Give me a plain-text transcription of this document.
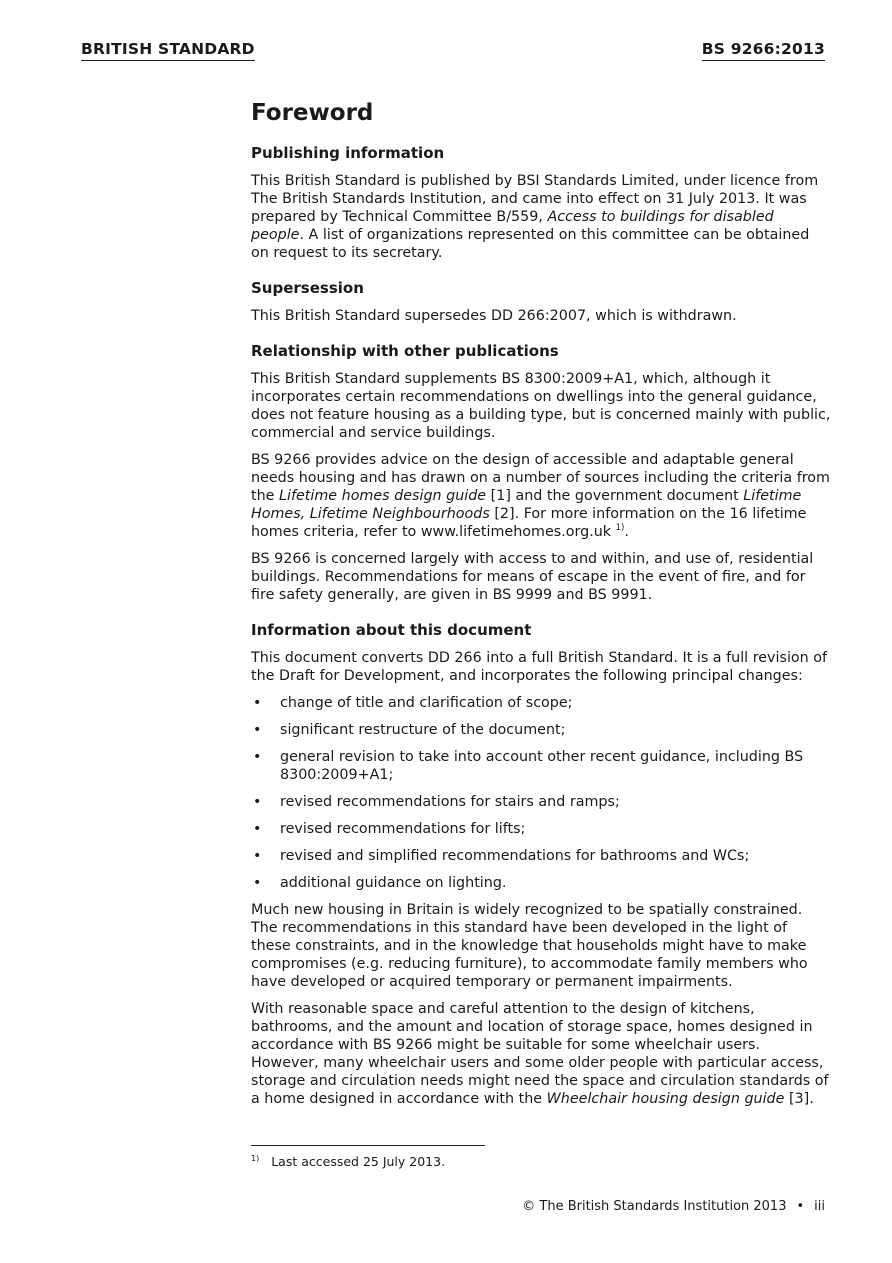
BRITISH STANDARD	BS 9266:2013
Foreword
Publishing information

This British Standard is published by BSI Standards Limited, under licence from The British Standards Institution, and came into effect on 31 July 2013. It was prepared by Technical Committee B/559, Access to buildings for disabled people. A list of organizations represented on this committee can be obtained on request to its secretary.

Supersession

This British Standard supersedes DD 266:2007, which is withdrawn.

Relationship with other publications

This British Standard supplements BS 8300:2009+A1, which, although it incorporates certain recommendations on dwellings into the general guidance, does not feature housing as a building type, but is concerned mainly with public, commercial and service buildings.

BS 9266 provides advice on the design of accessible and adaptable general needs housing and has drawn on a number of sources including the criteria from the Lifetime homes design guide [1] and the government document Lifetime Homes, Lifetime Neighbourhoods [2]. For more information on the 16 lifetime homes criteria, refer to www.lifetimehomes.org.uk $^{1)}$.

BS 9266 is concerned largely with access to and within, and use of, residential buildings. Recommendations for means of escape in the event of fire, and for fire safety generally, are given in BS 9999 and BS 9991.

Information about this document

This document converts DD 266 into a full British Standard. It is a full revision of the Draft for Development, and incorporates the following principal changes:

• change of title and clarification of scope;
• significant restructure of the document;
• general revision to take into account other recent guidance, including BS 8300:2009+A1;
• revised recommendations for stairs and ramps;
• revised recommendations for lifts;
• revised and simplified recommendations for bathrooms and WCs;
• additional guidance on lighting.

Much new housing in Britain is widely recognized to be spatially constrained. The recommendations in this standard have been developed in the light of these constraints, and in the knowledge that households might have to make compromises (e.g. reducing furniture), to accommodate family members who have developed or acquired temporary or permanent impairments.

With reasonable space and careful attention to the design of kitchens, bathrooms, and the amount and location of storage space, homes designed in accordance with BS 9266 might be suitable for some wheelchair users. However, many wheelchair users and some older people with particular access, storage and circulation needs might need the space and circulation standards of a home designed in accordance with the Wheelchair housing design guide [3].

$^{1)}$ Last accessed 25 July 2013.
© The British Standards Institution 2013 • iii
